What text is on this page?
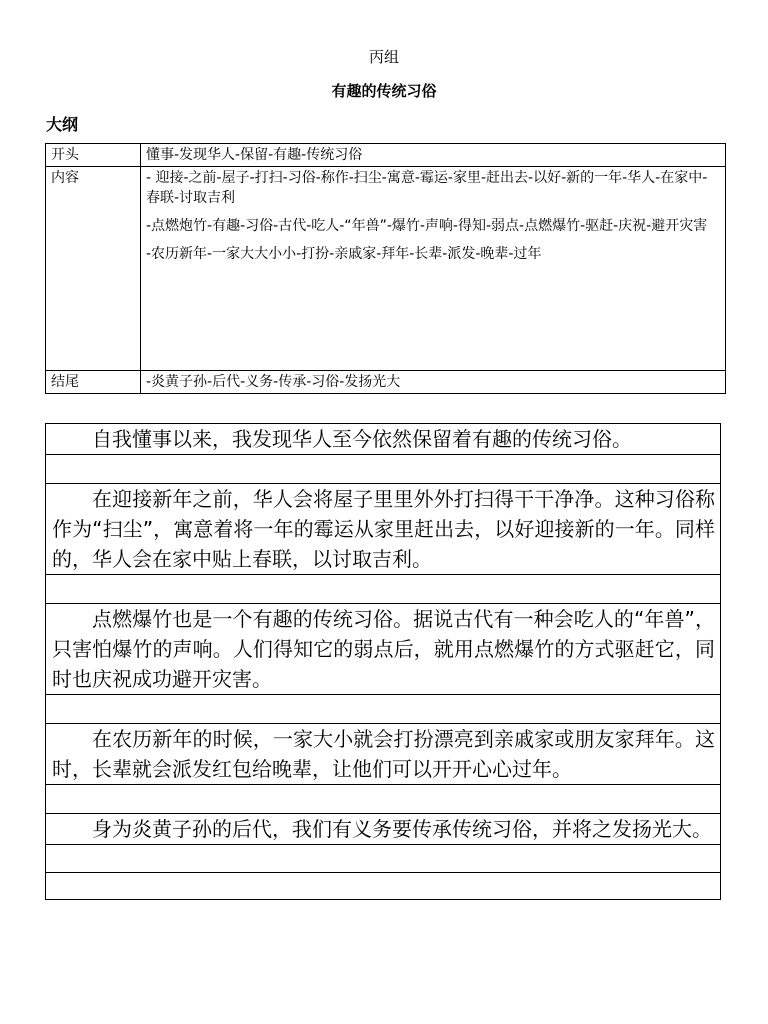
丙组
有趣的传统习俗
大纲
开头	懂事-发现华人-保留-有趣-传统习俗

内容	- 迎接-之前-屋子-打扫-习俗-称作-扫尘-寓意-霉运-家里-赶出去-以好-新的一年-华人-在家中-春联-讨取吉利

-点燃炮竹-有趣-习俗-古代-吃人-“年兽”-爆竹-声响-得知-弱点-点燃爆竹-驱赶-庆祝-避开灾害

-农历新年-一家大大小小-打扮-亲戚家-拜年-长辈-派发-晚辈-过年

结尾	-炎黄子孙-后代-义务-传承-习俗-发扬光大

自我懂事以来，我发现华人至今依然保留着有趣的传统习俗。

在迎接新年之前，华人会将屋子里里外外打扫得干干净净。这种习俗称作为“扫尘”，寓意着将一年的霉运从家里赶出去，以好迎接新的一年。同样的，华人会在家中贴上春联，以讨取吉利。

点燃爆竹也是一个有趣的传统习俗。据说古代有一种会吃人的“年兽”，只害怕爆竹的声响。人们得知它的弱点后，就用点燃爆竹的方式驱赶它，同时也庆祝成功避开灾害。

在农历新年的时候，一家大小就会打扮漂亮到亲戚家或朋友家拜年。这时，长辈就会派发红包给晚辈，让他们可以开开心心过年。

身为炎黄子孙的后代，我们有义务要传承传统习俗，并将之发扬光大。
